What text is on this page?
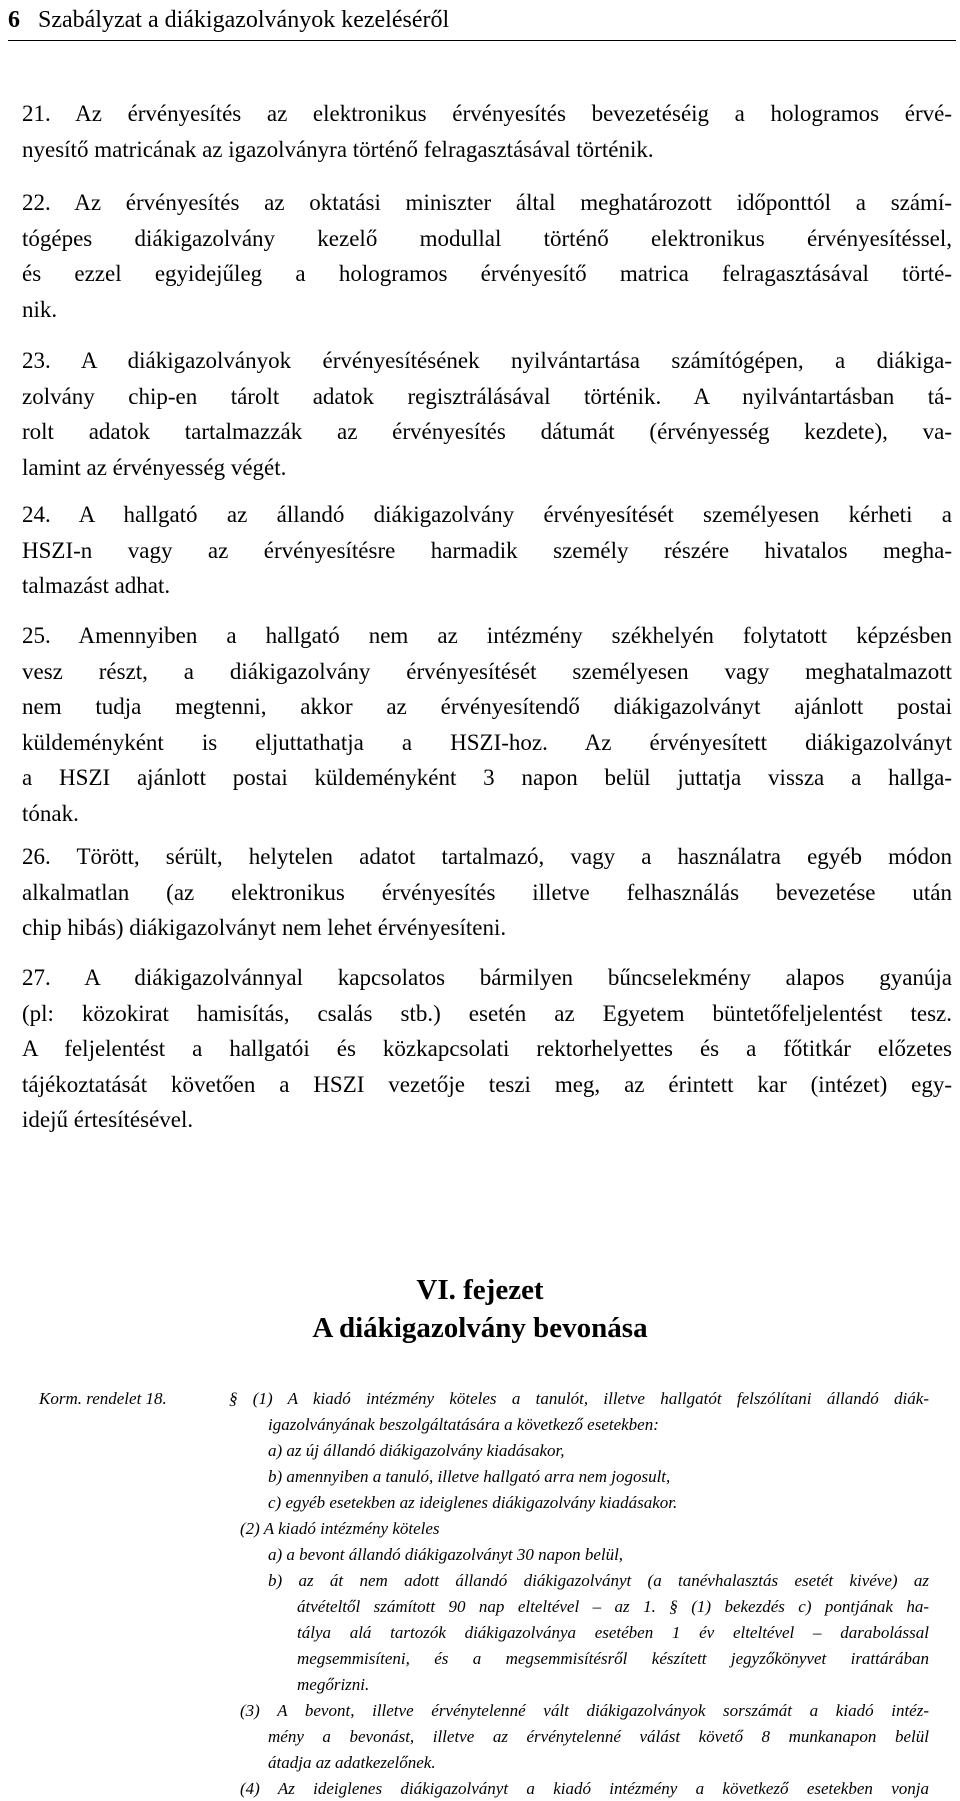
6 Szabályzat a diákigazolványok kezeléséről

21. Az érvényesítés az elektronikus érvényesítés bevezetéséig a hologramos érvé-

nyesítő matricának az igazolványra történő felragasztásával történik.

22. Az érvényesítés az oktatási miniszter által meghatározott időponttól a számí-

tógépes diákigazolvány kezelő modullal történő elektronikus érvényesítéssel,

és ezzel egyidejűleg a hologramos érvényesítő matrica felragasztásával törté-

nik.

23. A diákigazolványok érvényesítésének nyilvántartása számítógépen, a diákiga-

zolvány chip-en tárolt adatok regisztrálásával történik. A nyilvántartásban tá-

rolt adatok tartalmazzák az érvényesítés dátumát (érvényesség kezdete), va-

lamint az érvényesség végét.

24. A hallgató az állandó diákigazolvány érvényesítését személyesen kérheti a

HSZI-n vagy az érvényesítésre harmadik személy részére hivatalos megha-

talmazást adhat.

25. Amennyiben a hallgató nem az intézmény székhelyén folytatott képzésben

vesz részt, a diákigazolvány érvényesítését személyesen vagy meghatalmazott

nem tudja megtenni, akkor az érvényesítendő diákigazolványt ajánlott postai

küldeményként is eljuttathatja a HSZI-hoz. Az érvényesített diákigazolványt

a HSZI ajánlott postai küldeményként 3 napon belül juttatja vissza a hallga-

tónak.

26. Törött, sérült, helytelen adatot tartalmazó, vagy a használatra egyéb módon

alkalmatlan (az elektronikus érvényesítés illetve felhasználás bevezetése után

chip hibás) diákigazolványt nem lehet érvényesíteni.

27. A diákigazolvánnyal kapcsolatos bármilyen bűncselekmény alapos gyanúja

(pl: közokirat hamisítás, csalás stb.) esetén az Egyetem büntetőfeljelentést tesz.

A feljelentést a hallgatói és közkapcsolati rektorhelyettes és a főtitkár előzetes

tájékoztatását követően a HSZI vezetője teszi meg, az érintett kar (intézet) egy-

idejű értesítésével.

VI. fejezet
A diákigazolvány bevonása
Korm. rendelet 18.	§ (1) A kiadó intézmény köteles a tanulót, illetve hallgatót felszólítani állandó diák-
igazolványának beszolgáltatására a következő esetekben:
a) az új állandó diákigazolvány kiadásakor,
b) amennyiben a tanuló, illetve hallgató arra nem jogosult,
c) egyéb esetekben az ideiglenes diákigazolvány kiadásakor.
(2) A kiadó intézmény köteles
a) a bevont állandó diákigazolványt 30 napon belül,
b) az át nem adott állandó diákigazolványt (a tanévhalasztás esetét kivéve) az
átvételtől számított 90 nap elteltével – az 1. § (1) bekezdés c) pontjának ha-
tálya alá tartozók diákigazolványa esetében 1 év elteltével – darabolással
megsemmisíteni, és a megsemmisítésről készített jegyzőkönyvet irattárában
megőrizni.
(3) A bevont, illetve érvénytelenné vált diákigazolványok sorszámát a kiadó intéz-
mény a bevonást, illetve az érvénytelenné válást követő 8 munkanapon belül
átadja az adatkezelőnek.
(4) Az ideiglenes diákigazolványt a kiadó intézmény a következő esetekben vonja
